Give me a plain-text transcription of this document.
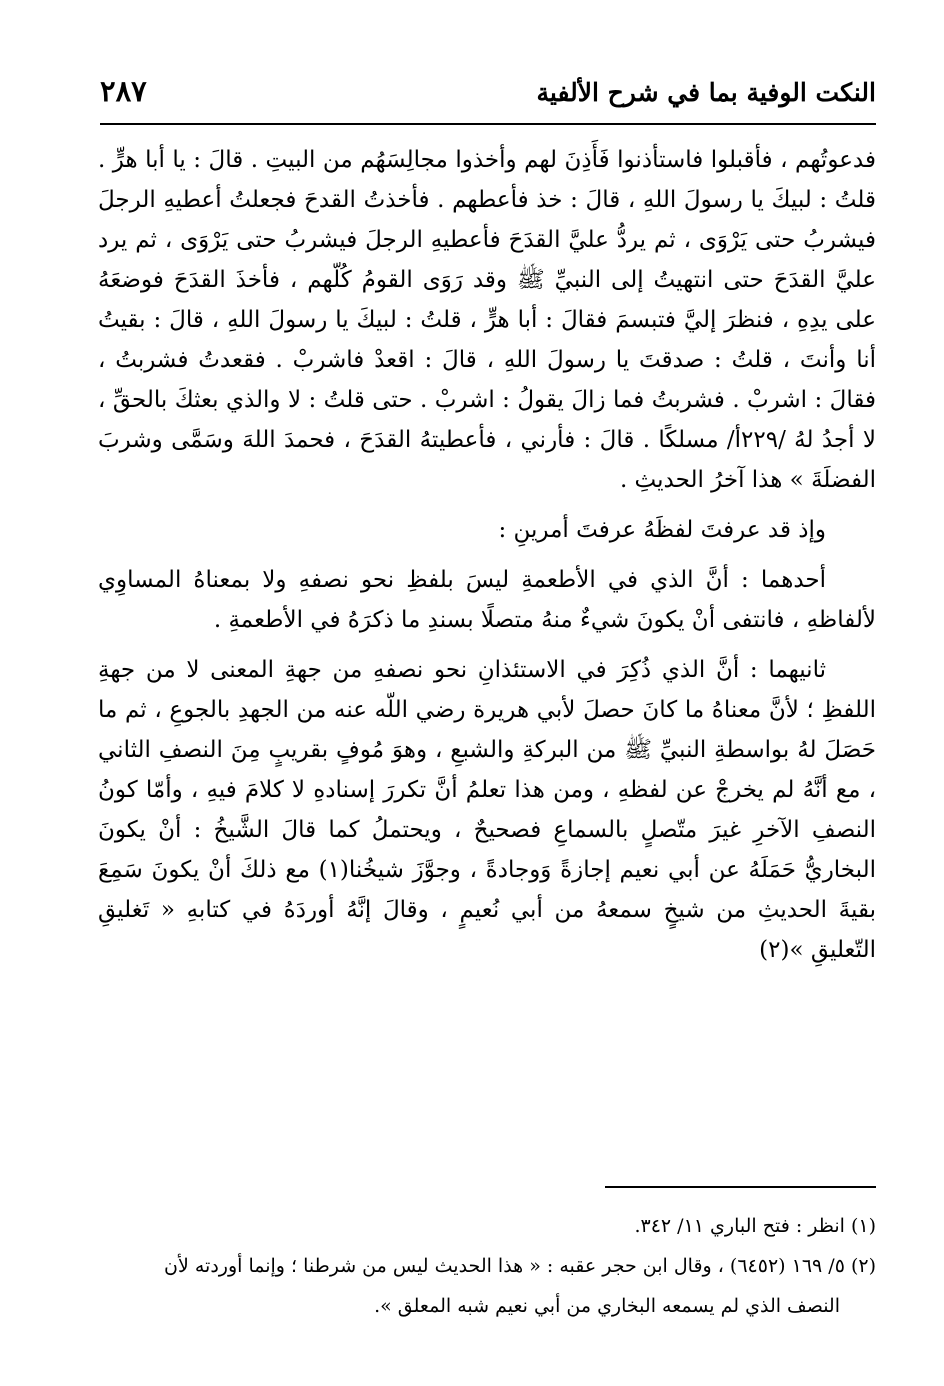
النكت الوفية بما في شرح الألفية
٢٨٧

فدعوتُهم ، فأقبلوا فاستأذنوا فَأَذِنَ لهم وأخذوا مجالِسَهُم من البيتِ . قالَ : يا أبا هرٍّ . قلتُ : لبيكَ يا رسولَ اللهِ ، قالَ : خذ فأعطهم . فأخذتُ القدحَ فجعلتُ أعطيهِ الرجلَ فيشربُ حتى يَرْوَى ، ثم يردُّ عليَّ القدَحَ فأعطيهِ الرجلَ فيشربُ حتى يَرْوَى ، ثم يرد عليَّ القدَحَ حتى انتهيتُ إلى النبيِّ ﷺ وقد رَوَى القومُ كُلّهم ، فأخذَ القدَحَ فوضعَهُ على يدِهِ ، فنظرَ إليَّ فتبسمَ فقالَ : أبا هرٍّ ، قلتُ : لبيكَ يا رسولَ اللهِ ، قالَ : بقيتُ أنا وأنتَ ، قلتُ : صدقتَ يا رسولَ اللهِ ، قالَ : اقعدْ فاشربْ . فقعدتُ فشربتُ ، فقالَ : اشربْ . فشربتُ فما زالَ يقولُ : اشربْ . حتى قلتُ : لا والذي بعثكَ بالحقِّ ، لا أجدُ لهُ /٢٢٩أ/ مسلكًا . قالَ : فأرني ، فأعطيتهُ القدَحَ ، فحمدَ اللهَ وسَمَّى وشربَ الفضلَةَ » هذا آخرُ الحديثِ .

وإذ قد عرفتَ لفظَهُ عرفتَ أمرينِ :

أحدهما : أنَّ الذي في الأطعمةِ ليسَ بلفظِ نحو نصفهِ ولا بمعناهُ المساوِي لألفاظهِ ، فانتفى أنْ يكونَ شيءٌ منهُ متصلًا بسندِ ما ذكرَهُ في الأطعمةِ .

ثانيهما : أنَّ الذي ذُكِرَ في الاستئذانِ نحو نصفهِ من جهةِ المعنى لا من جهةِ اللفظِ ؛ لأنَّ معناهُ ما كانَ حصلَ لأبي هريرة رضي اللّه عنه من الجهدِ بالجوعِ ، ثم ما حَصَلَ لهُ بواسطةِ النبيِّ ﷺ من البركةِ والشبعِ ، وهوَ مُوفٍ بقريبٍ مِنَ النصفِ الثاني ، مع أنَّهُ لم يخرجْ عن لفظهِ ، ومن هذا تعلمُ أنَّ تكررَ إسنادهِ لا كلامَ فيهِ ، وأمّا كونُ النصفِ الآخرِ غيرَ متّصلٍ بالسماعِ فصحيحٌ ، ويحتملُ كما قالَ الشَّيخُ : أنْ يكونَ البخاريُّ حَمَلَهُ عن أبي نعيم إجازةً وَوجادةً ، وجوَّزَ شيخُنا(١) مع ذلكَ أنْ يكونَ سَمِعَ بقيةَ الحديثِ من شيخٍ سمعهُ من أبي نُعيمٍ ، وقالَ إنَّهُ أوردَهُ في كتابهِ « تَغليقِ التّعليقِ »(٢)

(١) انظر : فتح الباري ١١/ ٣٤٢.

(٢) ٥/ ١٦٩ (٦٤٥٢) ، وقال ابن حجر عقبه : « هذا الحديث ليس من شرطنا ؛ وإنما أوردته لأن

النصف الذي لم يسمعه البخاري من أبي نعيم شبه المعلق ».
